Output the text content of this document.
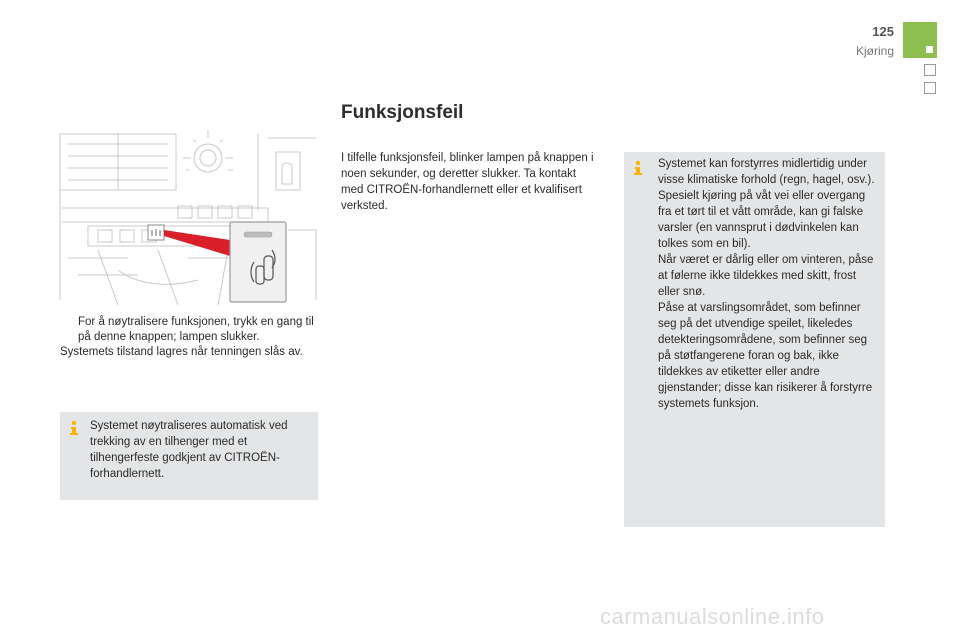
125
Kjøring
For å nøytralisere funksjonen, trykk en gang til på denne knappen; lampen slukker.
Systemets tilstand lagres når tenningen slås av.
Systemet nøytraliseres automatisk ved trekking av en tilhenger med et tilhengerfeste godkjent av CITROËN-forhandlernett.
Funksjonsfeil
I tilfelle funksjonsfeil, blinker lampen på knappen i noen sekunder, og deretter slukker. Ta kontakt med CITROËN-forhandlernett eller et kvalifisert verksted.
Systemet kan forstyrres midlertidig under visse klimatiske forhold (regn, hagel, osv.).
Spesielt kjøring på våt vei eller overgang fra et tørt til et vått område, kan gi falske varsler (en vannsprut i dødvinkelen kan tolkes som en bil).
Når været er dårlig eller om vinteren, påse at følerne ikke tildekkes med skitt, frost eller snø.
Påse at varslingsområdet, som befinner seg på det utvendige speilet, likeledes detekteringsområdene, som befinner seg på støtfangerene foran og bak, ikke tildekkes av etiketter eller andre gjenstander; disse kan risikerer å forstyrre systemets funksjon.
carmanualsonline.info
